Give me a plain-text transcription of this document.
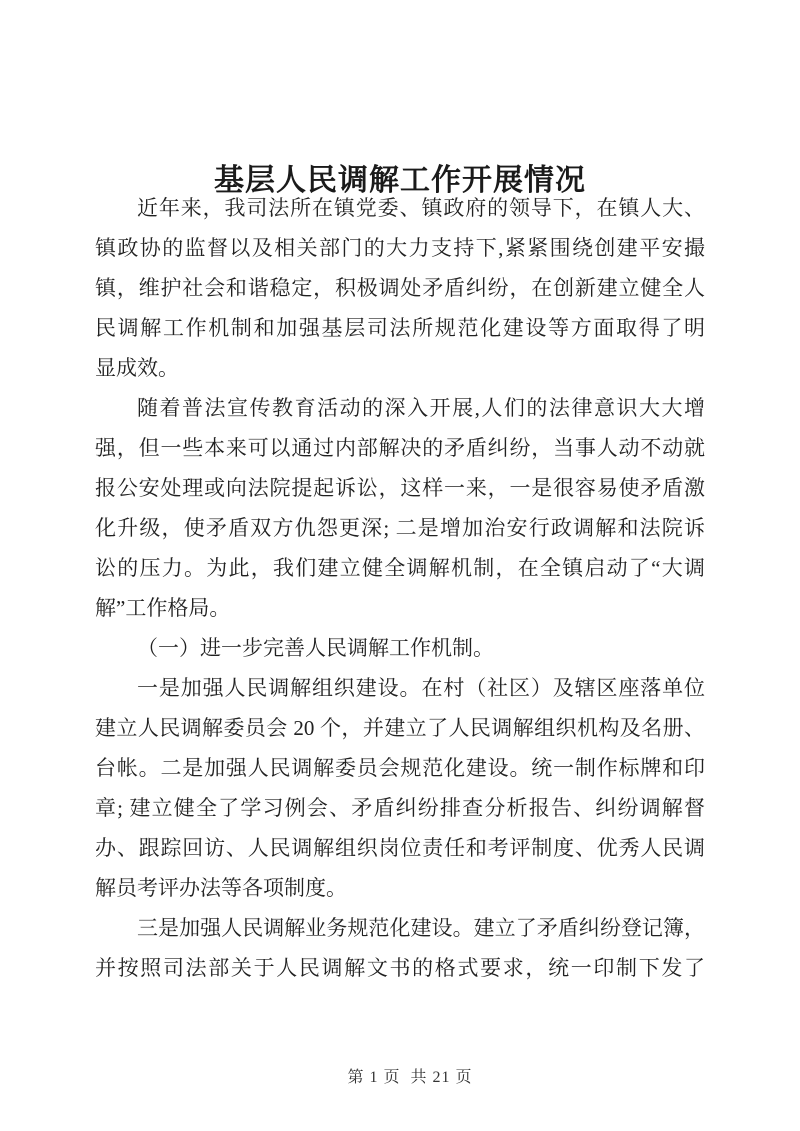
基层人民调解工作开展情况
近年来，我司法所在镇党委、镇政府的领导下，在镇人大、
镇政协的监督以及相关部门的大力支持下,紧紧围绕创建平安撮
镇，维护社会和谐稳定，积极调处矛盾纠纷，在创新建立健全人
民调解工作机制和加强基层司法所规范化建设等方面取得了明
显成效。
随着普法宣传教育活动的深入开展,人们的法律意识大大增
强，但一些本来可以通过内部解决的矛盾纠纷，当事人动不动就
报公安处理或向法院提起诉讼，这样一来，一是很容易使矛盾激
化升级，使矛盾双方仇怨更深; 二是增加治安行政调解和法院诉
讼的压力。为此，我们建立健全调解机制，在全镇启动了“大调
解”工作格局。
（一）进一步完善人民调解工作机制。
一是加强人民调解组织建设。在村（社区）及辖区座落单位
建立人民调解委员会 20 个，并建立了人民调解组织机构及名册、
台帐。二是加强人民调解委员会规范化建设。统一制作标牌和印
章; 建立健全了学习例会、矛盾纠纷排查分析报告、纠纷调解督
办、跟踪回访、人民调解组织岗位责任和考评制度、优秀人民调
解员考评办法等各项制度。
三是加强人民调解业务规范化建设。建立了矛盾纠纷登记簿，
并按照司法部关于人民调解文书的格式要求，统一印制下发了

第 1 页  共 21 页
